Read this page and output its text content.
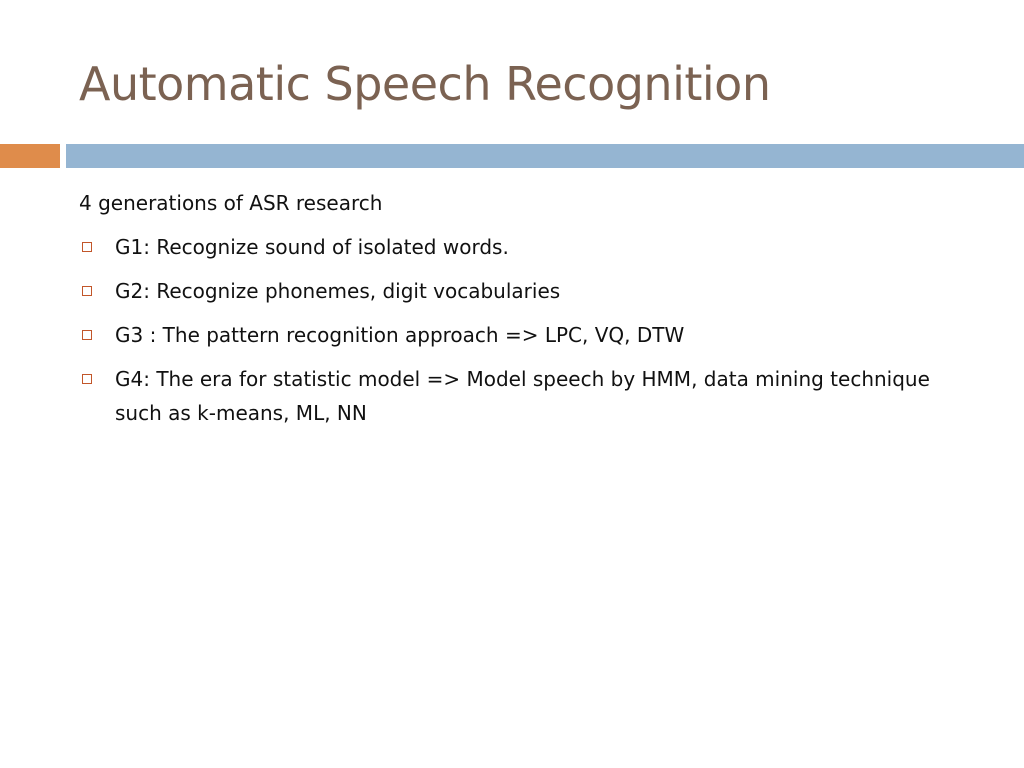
Automatic Speech Recognition

4 generations of ASR research

G1: Recognize sound of isolated words.
G2: Recognize phonemes, digit vocabularies
G3 : The pattern recognition approach => LPC, VQ, DTW
G4: The era for statistic model => Model speech by HMM, data mining technique such as k-means, ML, NN
